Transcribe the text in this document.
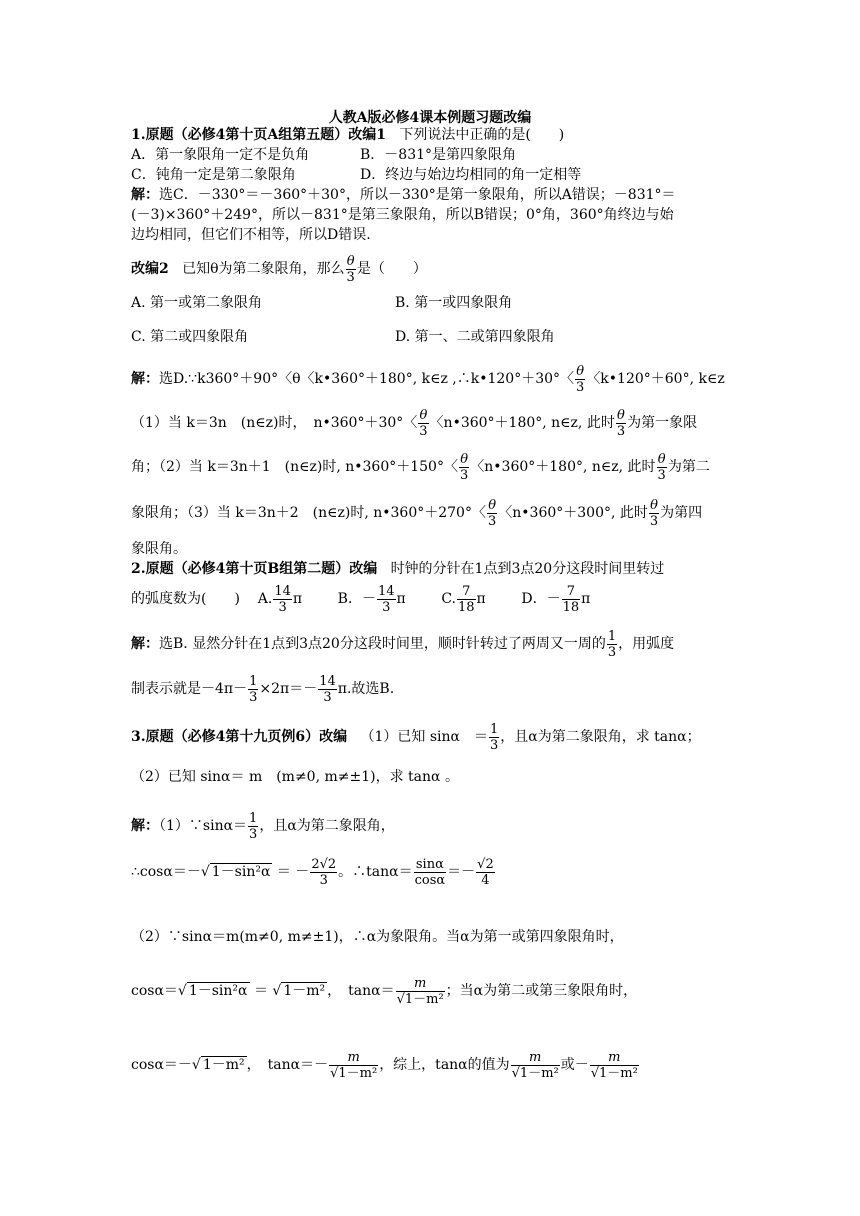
人教A版必修4课本例题习题改编
1.原题（必修4第十页A组第五题）改编1 下列说法中正确的是(　　)
A．第一象限角一定不是负角	B．－831°是第四象限角
C．钝角一定是第二象限角	D．终边与始边均相同的角一定相等
解：选C．－330°＝－360°＋30°，所以－330°是第一象限角，所以A错误；－831°＝
(－3)×360°＋249°，所以－831°是第三象限角，所以B错误；0°角，360°角终边与始
边均相同，但它们不相等，所以D错误.
改编2 已知θ为第二象限角，那么 $\frac{\theta}{3}$ 是（　　）
A. 第一或第二象限角	B. 第一或四象限角
C. 第二或四象限角	D. 第一、二或第四象限角
解：选D.∵k360°＋90°〈θ〈k•360°＋180°, k∈z ,∴k•120°＋30°〈 $\frac{\theta}{3}$ 〈k•120°＋60°, k∈z
（1）当 k＝3n　(n∈z)时，　n•360°＋30°〈 $\frac{\theta}{3}$ 〈n•360°＋180°, n∈z, 此时 $\frac{\theta}{3}$ 为第一象限
角；（2）当 k＝3n＋1　(n∈z)时, n•360°＋150°〈 $\frac{\theta}{3}$ 〈n•360°＋180°, n∈z, 此时 $\frac{\theta}{3}$ 为第二
象限角；（3）当 k＝3n＋2　(n∈z)时, n•360°＋270°〈 $\frac{\theta}{3}$ 〈n•360°＋300°, 此时 $\frac{\theta}{3}$ 为第四
象限角。
2.原题（必修4第十页B组第二题）改编 时钟的分针在1点到3点20分这段时间里转过
的弧度数为(　　) A. $\frac{14}{3}$ π	B．－ $\frac{14}{3}$ π	C. $\frac{7}{18}$ π	D．－ $\frac{7}{18}$ π
解：选B. 显然分针在1点到3点20分这段时间里，顺时针转过了两周又一周的 $\frac{1}{3}$ ，用弧度
制表示就是$-4\pi- \frac{1}{3} \times 2\pi=- \frac{14}{3} \pi$.故选B.
3.原题（必修4第十九页例6）改编 （1）已知 sinα　＝ $\frac{1}{3}$ ，且α为第二象限角，求 tanα；
（2）已知 sinα＝ m　(m≠0, m≠±1)，求 tanα 。
解：（1）∵sinα＝ $\frac{1}{3}$ ，且α为第二象限角，
∴cosα＝－√ 1－sin²α ＝ － $\frac{2√2}{3}$ 。∴tanα＝ $\frac{\sin\alpha}{\cos\alpha} =- \frac{√2}{4}$
（2）∵sinα＝m(m≠0, m≠±1)，∴α为象限角。当α为第一或第四象限角时，
cosα＝√ 1－sin²α ＝ √ 1－m² ，　$\tan\alpha= \frac{m}{\text{√1－m²}}$ ；当α为第二或第三象限角时，
cosα＝－√ 1－m² ，　$\tan\alpha=- \frac{m}{\text{√1－m²}}$ ，综上，tanα的值为 $\frac{m}{\text{√1－m²}}$ 或－ $\frac{m}{\text{√1－m²}}$
